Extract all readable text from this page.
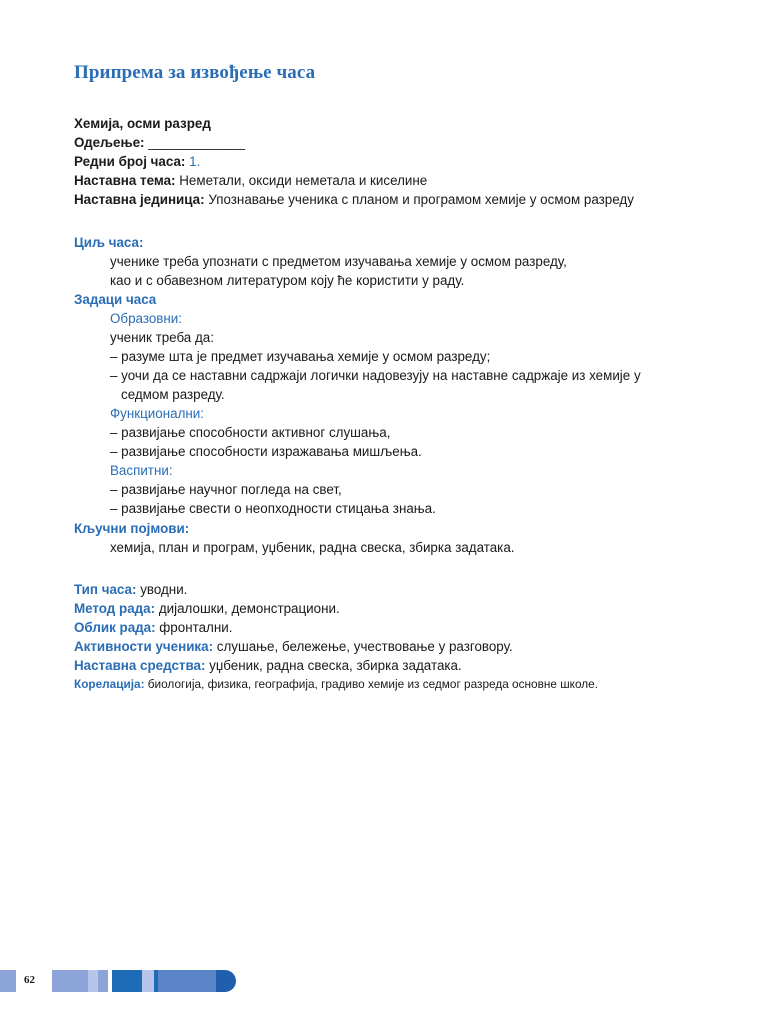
Припрема за извођење часа
Хемија, осми разред
Одељење: _____________
Редни број часа: 1.
Наставна тема: Неметали, оксиди неметала и киселине
Наставна јединица: Упознавање ученика с планом и програмом хемије у осмом разреду
Циљ часа:
ученике треба упознати с предметом изучавања хемије у осмом разреду,
као и с обавезном литературом коју ће користити у раду.
Задаци часа
Образовни:
ученик треба да:
– разуме шта је предмет изучавања хемије у осмом разреду;
– уочи да се наставни садржаји логички надовезују на наставне садржаје из хемије у
седмом разреду.
Функционални:
– развијање способности активног слушања,
– развијање способности изражавања мишљења.
Васпитни:
– развијање научног погледа на свет,
– развијање свести о неопходности стицања знања.
Кључни појмови:
хемија, план и програм, уџбеник, радна свеска, збирка задатака.
Тип часа: уводни.
Метод рада: дијалошки, демонстрациони.
Облик рада: фронтални.
Активности ученика: слушање, бележење, учествовање у разговору.
Наставна средства: уџбеник, радна свеска, збирка задатака.
Корелација: биологија, физика, географија, градиво хемије из седмог разреда основне школе.
62
